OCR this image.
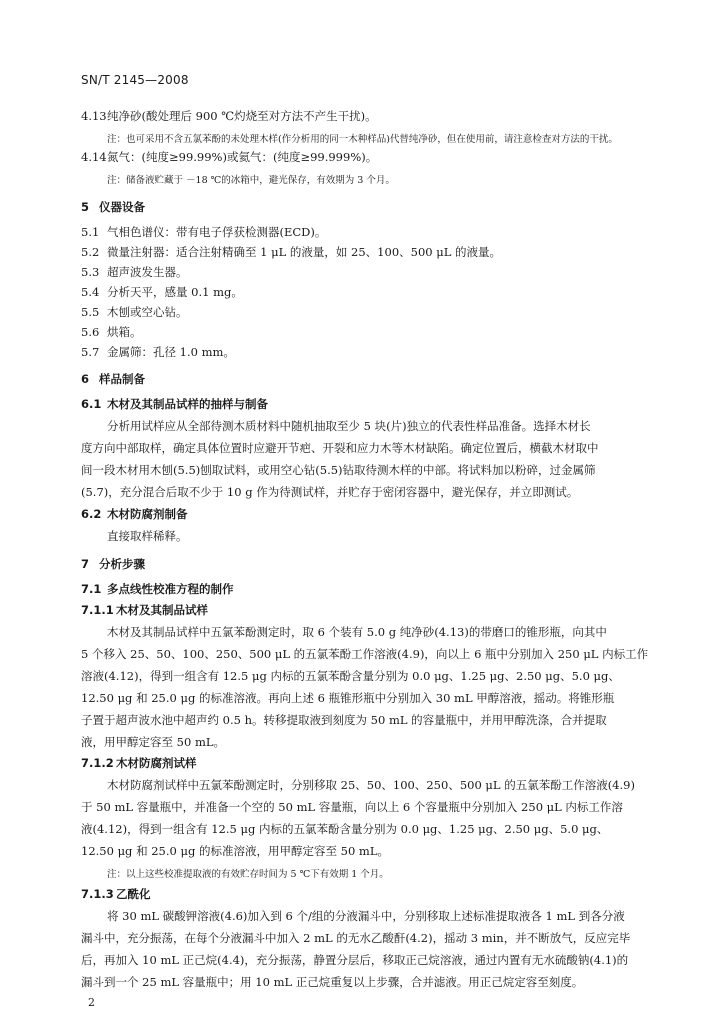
SN/T 2145—2008
4.13纯净砂(酸处理后 900 ℃灼烧至对方法不产生干扰)。
注：也可采用不含五氯苯酚的未处理木样(作分析用的同一木种样品)代替纯净砂，但在使用前，请注意检查对方法的干扰。
4.14氮气：(纯度≥99.99%)或氦气：(纯度≥99.999%)。
注：储备液贮藏于 －18 ℃的冰箱中，避光保存，有效期为 3 个月。
5 仪器设备
5.1 气相色谱仪：带有电子俘获检测器(ECD)。
5.2 微量注射器：适合注射精确至 1 μL 的液量，如 25、100、500 μL 的液量。
5.3 超声波发生器。
5.4 分析天平，感量 0.1 mg。
5.5 木刨或空心钻。
5.6 烘箱。
5.7 金属筛：孔径 1.0 mm。
6 样品制备
6.1 木材及其制品试样的抽样与制备
分析用试样应从全部待测木质材料中随机抽取至少 5 块(片)独立的代表性样品准备。选择木材长
度方向中部取样，确定具体位置时应避开节疤、开裂和应力木等木材缺陷。确定位置后，横截木材取中
间一段木材用木刨(5.5)刨取试料，或用空心钻(5.5)钻取待测木样的中部。将试料加以粉碎，过金属筛
(5.7)，充分混合后取不少于 10 g 作为待测试样，并贮存于密闭容器中，避光保存，并立即测试。
6.2 木材防腐剂制备
直接取样稀释。
7 分析步骤
7.1 多点线性校准方程的制作
7.1.1 木材及其制品试样
木材及其制品试样中五氯苯酚测定时，取 6 个装有 5.0 g 纯净砂(4.13)的带磨口的锥形瓶，向其中
5 个移入 25、50、100、250、500 μL 的五氯苯酚工作溶液(4.9)，向以上 6 瓶中分别加入 250 μL 内标工作
溶液(4.12)，得到一组含有 12.5 μg 内标的五氯苯酚含量分别为 0.0 μg、1.25 μg、2.50 μg、5.0 μg、
12.50 μg 和 25.0 μg 的标准溶液。再向上述 6 瓶锥形瓶中分别加入 30 mL 甲醇溶液，摇动。将锥形瓶
子置于超声波水池中超声约 0.5 h。转移提取液到刻度为 50 mL 的容量瓶中，并用甲醇洗涤，合并提取
液，用甲醇定容至 50 mL。
7.1.2 木材防腐剂试样
木材防腐剂试样中五氯苯酚测定时，分别移取 25、50、100、250、500 μL 的五氯苯酚工作溶液(4.9)
于 50 mL 容量瓶中，并准备一个空的 50 mL 容量瓶，向以上 6 个容量瓶中分别加入 250 μL 内标工作溶
液(4.12)，得到一组含有 12.5 μg 内标的五氯苯酚含量分别为 0.0 μg、1.25 μg、2.50 μg、5.0 μg、
12.50 μg 和 25.0 μg 的标准溶液，用甲醇定容至 50 mL。
注：以上这些校准提取液的有效贮存时间为 5 ℃下有效期 1 个月。
7.1.3 乙酰化
将 30 mL 碳酸钾溶液(4.6)加入到 6 个/组的分液漏斗中，分别移取上述标准提取液各 1 mL 到各分液
漏斗中，充分振荡，在每个分液漏斗中加入 2 mL 的无水乙酸酐(4.2)，摇动 3 min，并不断放气，反应完毕
后，再加入 10 mL 正己烷(4.4)，充分振荡，静置分层后，移取正己烷溶液，通过内置有无水硫酸钠(4.1)的
漏斗到一个 25 mL 容量瓶中；用 10 mL 正己烷重复以上步骤，合并滤液。用正己烷定容至刻度。
2
